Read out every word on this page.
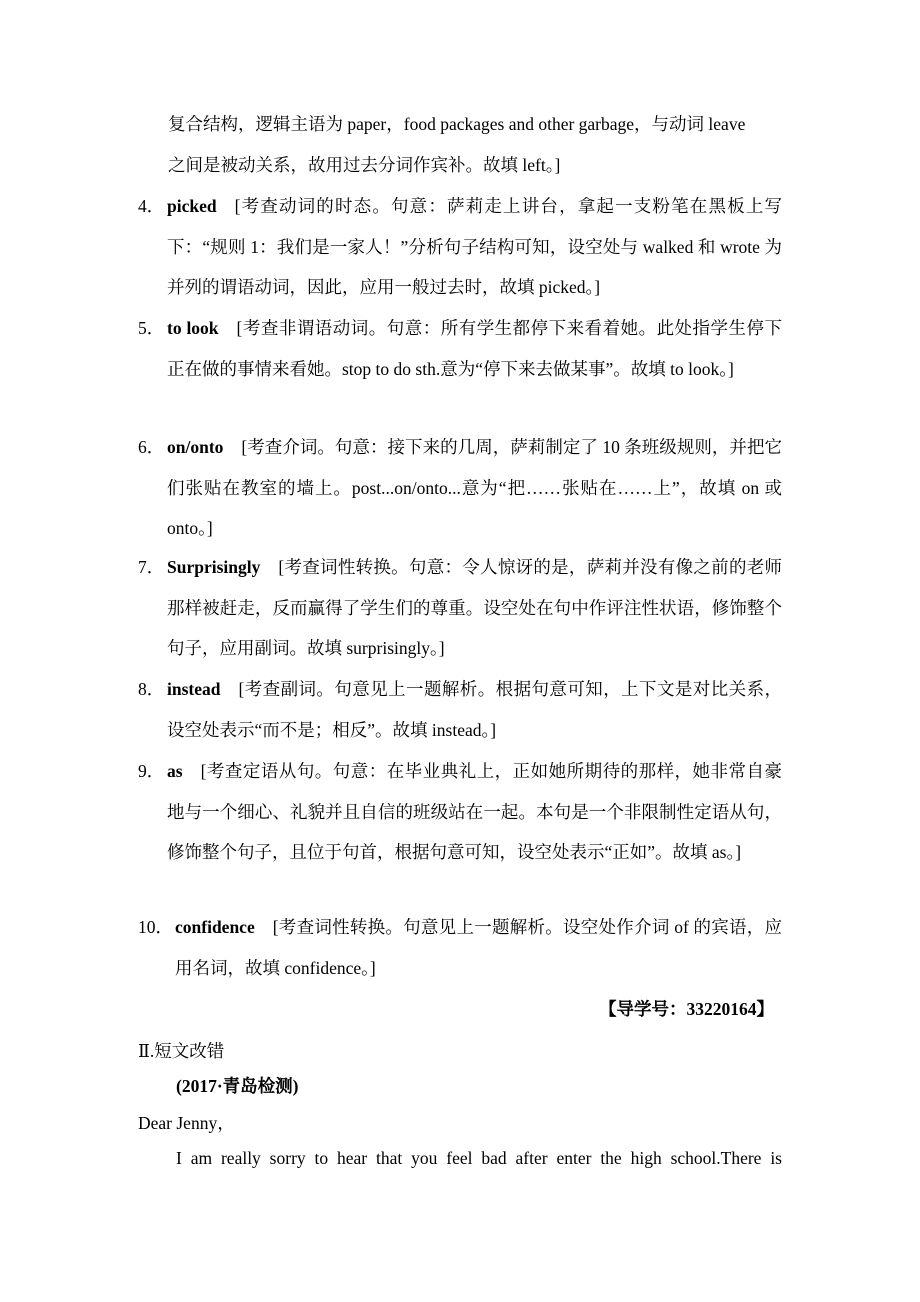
复合结构，逻辑主语为 paper，food packages and other garbage，与动词 leave
之间是被动关系，故用过去分词作宾补。故填 left。]
4． picked [考查动词的时态。句意：萨莉走上讲台，拿起一支粉笔在黑板上写下：“规则 1：我们是一家人！”分析句子结构可知，设空处与 walked 和 wrote 为并列的谓语动词，因此，应用一般过去时，故填 picked。]
5． to look [考查非谓语动词。句意：所有学生都停下来看着她。此处指学生停下正在做的事情来看她。stop to do sth.意为“停下来去做某事”。故填 to look。]
6． on/onto [考查介词。句意：接下来的几周，萨莉制定了 10 条班级规则，并把它们张贴在教室的墙上。post...on/onto...意为“把……张贴在……上”，故填 on 或 onto。]
7． Surprisingly [考查词性转换。句意：令人惊讶的是，萨莉并没有像之前的老师那样被赶走，反而赢得了学生们的尊重。设空处在句中作评注性状语，修饰整个句子，应用副词。故填 surprisingly。]
8． instead [考查副词。句意见上一题解析。根据句意可知，上下文是对比关系，设空处表示“而不是；相反”。故填 instead。]
9． as [考查定语从句。句意：在毕业典礼上，正如她所期待的那样，她非常自豪地与一个细心、礼貌并且自信的班级站在一起。本句是一个非限制性定语从句，修饰整个句子，且位于句首，根据句意可知，设空处表示“正如”。故填 as。]
10． confidence [考查词性转换。句意见上一题解析。设空处作介词 of 的宾语，应用名词，故填 confidence。]
【导学号：33220164】
Ⅱ.短文改错
(2017·青岛检测)
Dear Jenny，
I am really sorry to hear that you feel bad after enter the high school.There is
